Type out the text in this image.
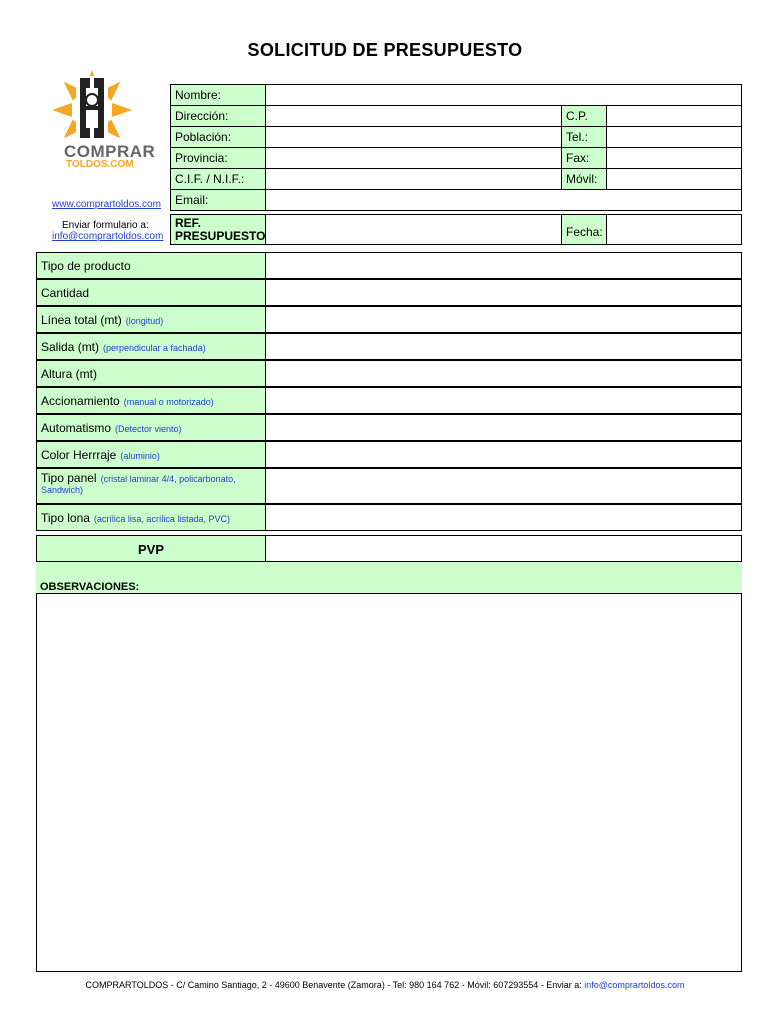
SOLICITUD DE PRESUPUESTO
COMPRAR
TOLDOS.COM
www.comprartoldos.com
Enviar formulario a:
info@comprartoldos.com
Nombre:
Dirección:	C.P.
Población:	Tel.:
Provincia:	Fax:
C.I.F. / N.I.F.:	Móvil:
Email:
REF.
PRESUPUESTO	Fecha:
Tipo de producto
Cantidad
Línea total (mt) (longitud)
Salida (mt) (perpendicular a fachada)
Altura (mt)
Accionamiento (manual o motorizado)
Automatismo (Detector viento)
Color Herrraje (aluminio)
Tipo panel (cristal laminar 4/4, policarbonato,
Sandwich)
Tipo lona (acrílica lisa, acrílica listada, PVC)
PVP
OBSERVACIONES:
COMPRARTOLDOS - C/ Camino Santiago, 2 - 49600 Benavente (Zamora) - Tel: 980 164 762 - Móvil: 607293554 - Enviar a: info@comprartoldos.com
